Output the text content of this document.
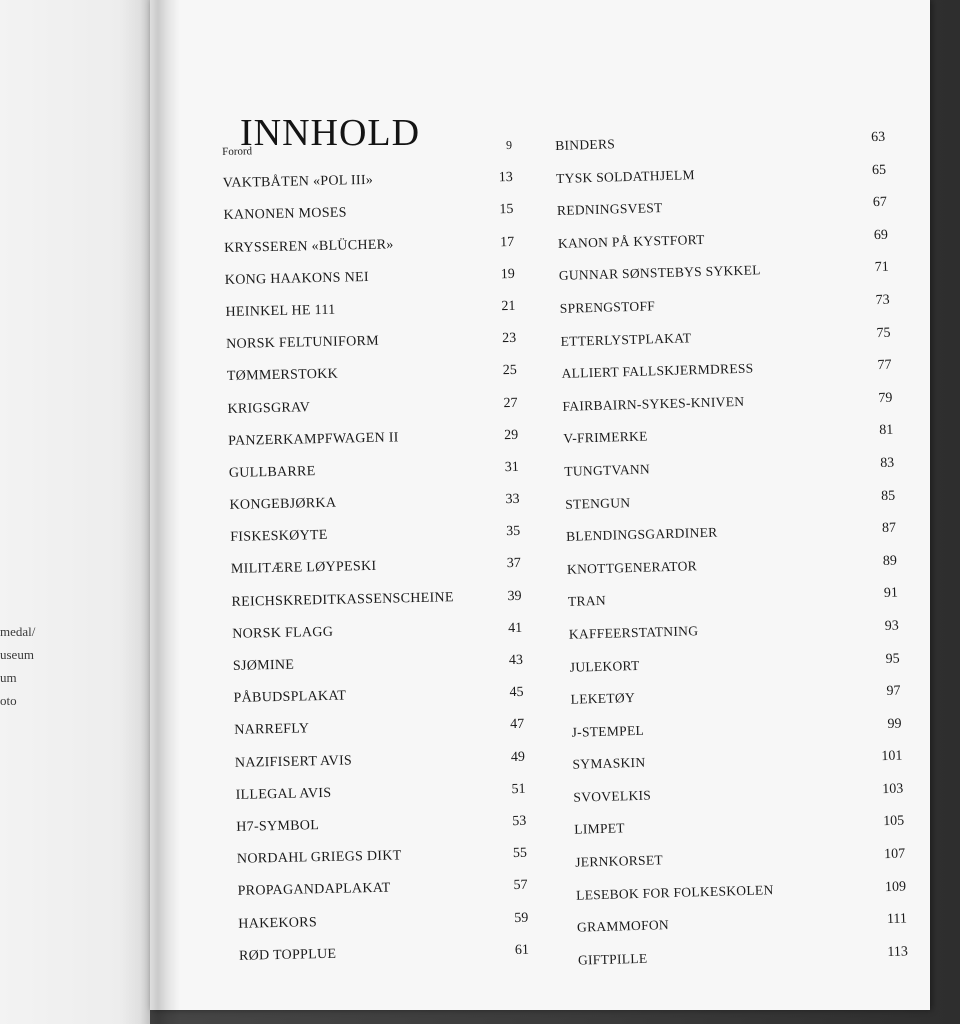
medal/
useum
um
oto
INNHOLD
Forord	9
VAKTBÅTEN «POL III»	13
KANONEN MOSES	15
KRYSSEREN «BLÜCHER»	17
KONG HAAKONS NEI	19
HEINKEL HE 111	21
NORSK FELTUNIFORM	23
TØMMERSTOKK	25
KRIGSGRAV	27
PANZERKAMPFWAGEN II	29
GULLBARRE	31
KONGEBJØRKA	33
FISKESKØYTE	35
MILITÆRE LØYPESKI	37
REICHSKREDITKASSENSCHEINE	39
NORSK FLAGG	41
SJØMINE	43
PÅBUDSPLAKAT	45
NARREFLY	47
NAZIFISERT AVIS	49
ILLEGAL AVIS	51
H7-SYMBOL	53
NORDAHL GRIEGS DIKT	55
PROPAGANDAPLAKAT	57
HAKEKORS	59
RØD TOPPLUE	61
BINDERS	63
TYSK SOLDATHJELM	65
REDNINGSVEST	67
KANON PÅ KYSTFORT	69
GUNNAR SØNSTEBYS SYKKEL	71
SPRENGSTOFF	73
ETTERLYSTPLAKAT	75
ALLIERT FALLSKJERMDRESS	77
FAIRBAIRN-SYKES-KNIVEN	79
V-FRIMERKE	81
TUNGTVANN	83
STENGUN	85
BLENDINGSGARDINER	87
KNOTTGENERATOR	89
TRAN	91
KAFFEERSTATNING	93
JULEKORT	95
LEKETØY	97
J-STEMPEL	99
SYMASKIN	101
SVOVELKIS	103
LIMPET	105
JERNKORSET	107
LESEBOK FOR FOLKESKOLEN	109
GRAMMOFON	111
GIFTPILLE	113
